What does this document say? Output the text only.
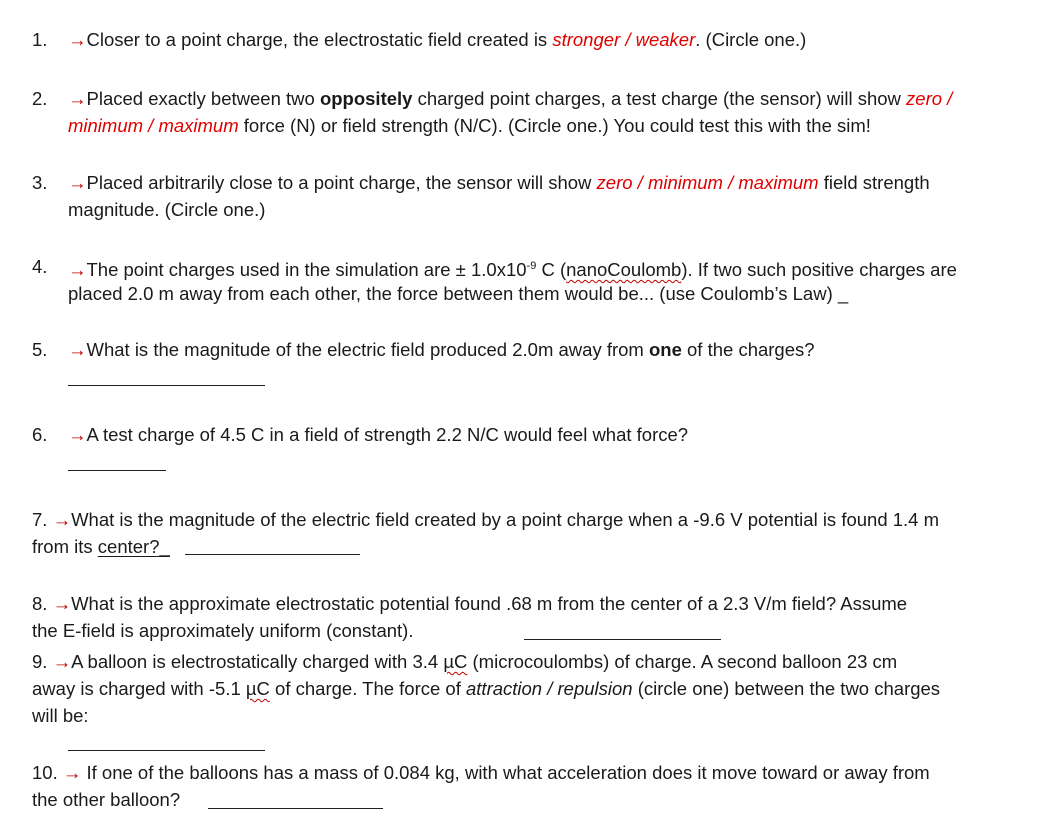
1. →Closer to a point charge, the electrostatic field created is stronger / weaker. (Circle one.)
2. →Placed exactly between two oppositely charged point charges, a test charge (the sensor) will show zero /
minimum / maximum force (N) or field strength (N/C). (Circle one.) You could test this with the sim!
3. →Placed arbitrarily close to a point charge, the sensor will show zero / minimum / maximum field strength
magnitude. (Circle one.)
4. →The point charges used in the simulation are ± $1.0x10^{-9}$ C (nanoCoulomb). If two such positive charges are
placed 2.0 m away from each other, the force between them would be... (use Coulomb’s Law) _
5. →What is the magnitude of the electric field produced 2.0m away from one of the charges?
6. →A test charge of 4.5 C in a field of strength 2.2 N/C would feel what force?
7. →What is the magnitude of the electric field created by a point charge when a -9.6 V potential is found 1.4 m
from its center?_
8. →What is the approximate electrostatic potential found .68 m from the center of a 2.3 V/m field? Assume
the E-field is approximately uniform (constant).
9. →A balloon is electrostatically charged with 3.4 µC (microcoulombs) of charge. A second balloon 23 cm
away is charged with -5.1 µC of charge. The force of attraction / repulsion (circle one) between the two charges
will be:
10. → If one of the balloons has a mass of 0.084 kg, with what acceleration does it move toward or away from
the other balloon?
